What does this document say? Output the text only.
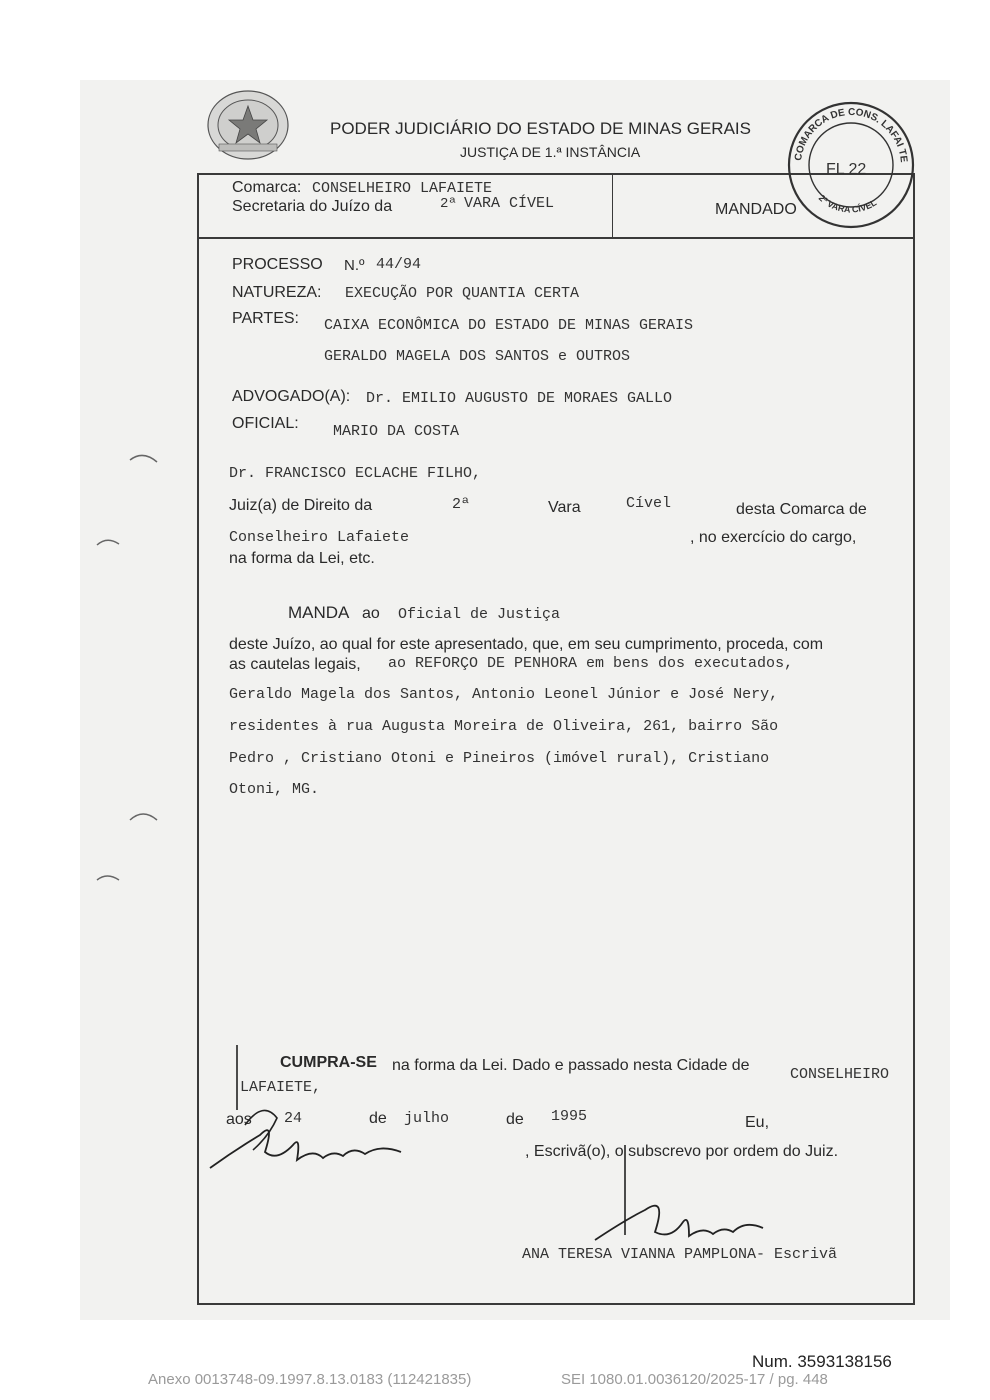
PODER JUDICIÁRIO DO ESTADO DE MINAS GERAIS
JUSTIÇA DE 1.ª INSTÂNCIA
Comarca: CONSELHEIRO LAFAIETE
Secretaria do Juízo da	2ª VARA CÍVEL	MANDADO
COMARCA DE CONS. LAFAI TE
2ª VARA CÍVEL
FL 22
PROCESSO N.º 44/94
NATUREZA: EXECUÇÃO POR QUANTIA CERTA
PARTES: CAIXA ECONÔMICA DO ESTADO DE MINAS GERAIS
GERALDO MAGELA DOS SANTOS e OUTROS
ADVOGADO(A): Dr. EMILIO AUGUSTO DE MORAES GALLO
OFICIAL: MARIO DA COSTA
Dr. FRANCISCO ECLACHE FILHO,
Juiz(a) de Direito da	2ª	Vara	Cível	desta Comarca de
Conselheiro Lafaiete	, no exercício do cargo,
na forma da Lei, etc.
MANDA ao Oficial de Justiça
deste Juízo, ao qual for este apresentado, que, em seu cumprimento, proceda, com
as cautelas legais, ao REFORÇO DE PENHORA em bens dos executados,
Geraldo Magela dos Santos, Antonio Leonel Júnior e José Nery,
residentes à rua Augusta Moreira de Oliveira, 261, bairro São
Pedro , Cristiano Otoni e Pineiros (imóvel rural), Cristiano
Otoni, MG.
CUMPRA-SE na forma da Lei. Dado e passado nesta Cidade de
CONSELHEIRO
LAFAIETE,
aos 24	de julho	de 1995	Eu,
, Escrivã(o), o subscrevo por ordem do Juiz.
ANA TERESA VIANNA PAMPLONA- Escrivã
Num. 3593138156
Anexo 0013748-09.1997.8.13.0183 (112421835)	SEI 1080.01.0036120/2025-17 / pg. 448
